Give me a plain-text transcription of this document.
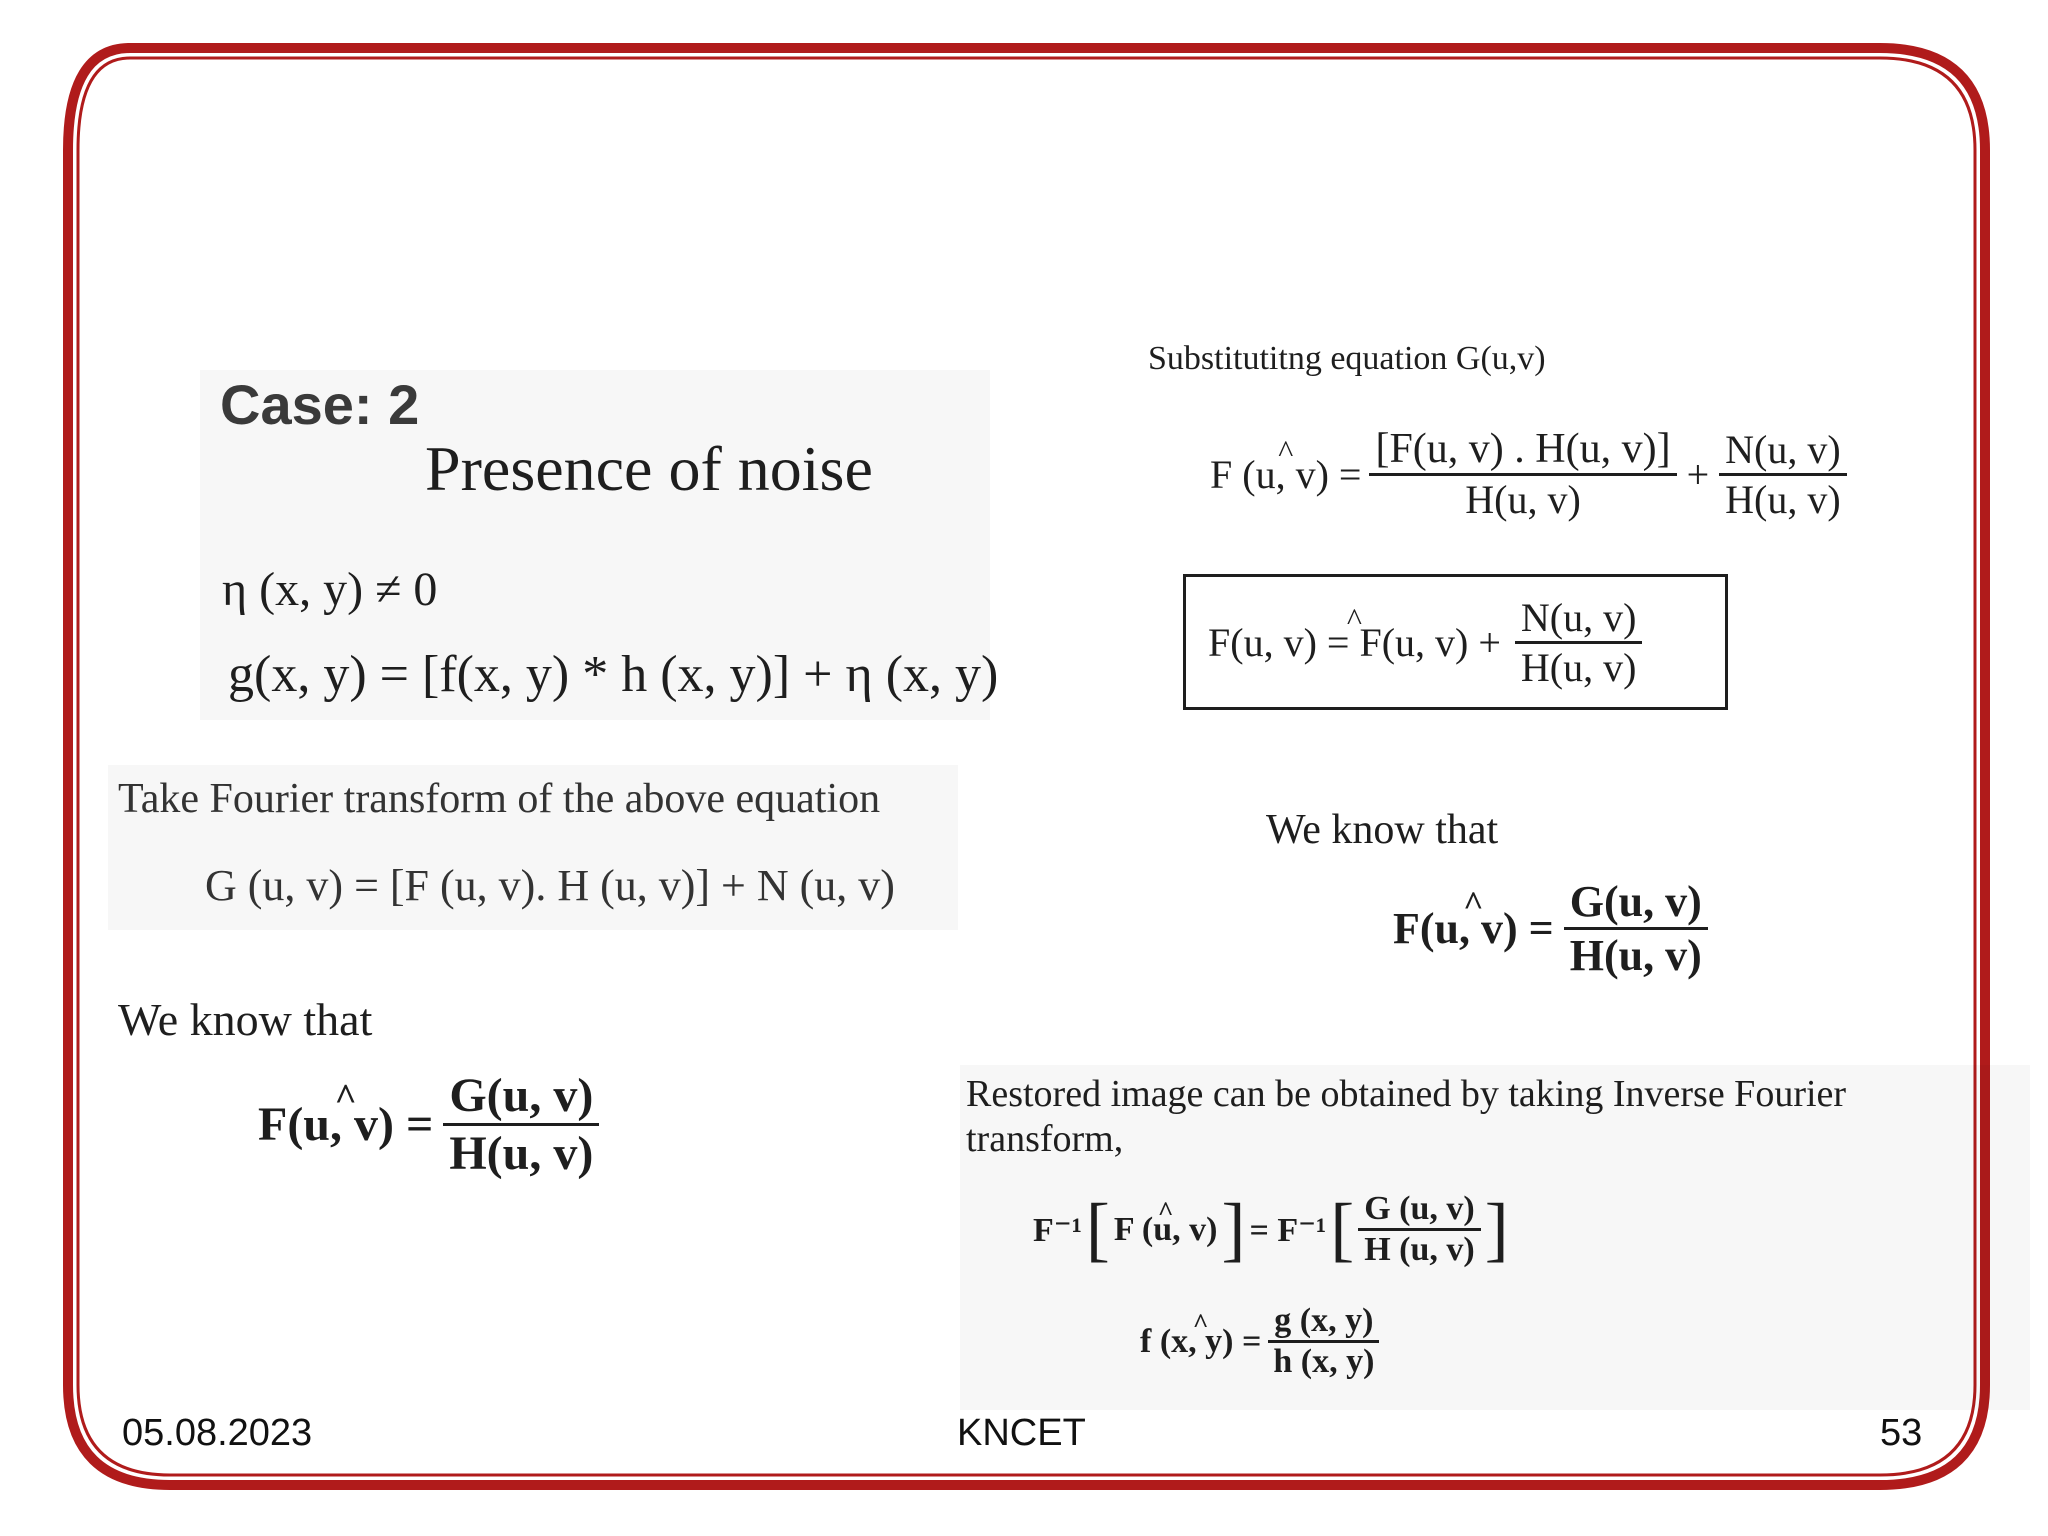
Case: 2
Presence of noise
η (x, y) ≠ 0
g(x, y) = [f(x, y) * h (x, y)] + η (x, y)
Take Fourier transform of the above equation
G (u, v) = [F (u, v). H (u, v)] + N (u, v)
We know that
^ F(u, $v) = \frac{G(u, v)}{H(u, v)}$
Substitutitng equation G(u,v)
^ F (u, $v) = \frac{[F(u, v) . H(u, v)]}{H(u, v)} + \frac{N(u, v)}{H(u, v)}$
^ F(u, v) = F(u, $v) + \frac{N(u, v)}{H(u, v)}$
We know that
^ F(u, $v) = \frac{G(u, v)}{H(u, v)}$
Restored image can be obtained by taking Inverse Fourier
transform,
F⁻¹ [
^ F (u, v) ] = F⁻¹ [ $\frac{G (u, v)}{H (u, v)}$ ]
^ f (x, $y) = \frac{g (x, y)}{h (x, y)}$
05.08.2023	KNCET	53
